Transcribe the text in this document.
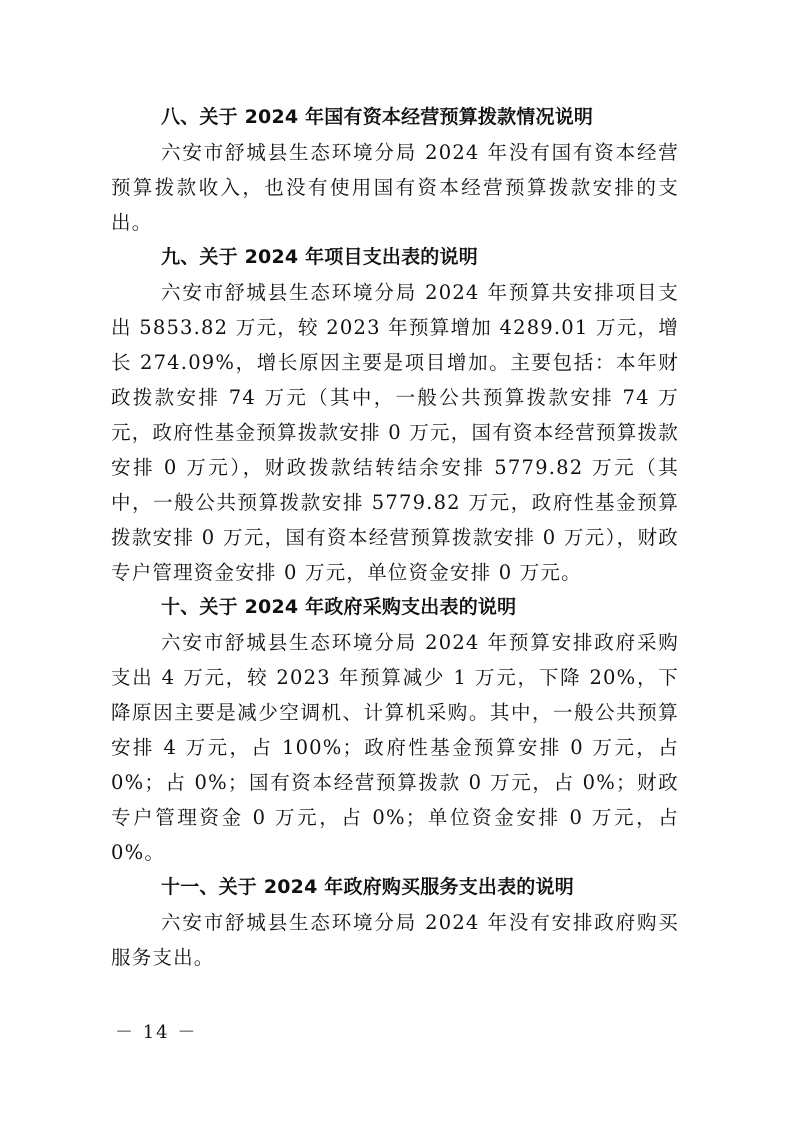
八、关于 2024 年国有资本经营预算拨款情况说明

六安市舒城县生态环境分局 2024 年没有国有资本经营预算拨款收入，也没有使用国有资本经营预算拨款安排的支出。

九、关于 2024 年项目支出表的说明

六安市舒城县生态环境分局 2024 年预算共安排项目支出 5853.82 万元，较 2023 年预算增加 4289.01 万元，增长 274.09%，增长原因主要是项目增加。主要包括：本年财政拨款安排 74 万元（其中，一般公共预算拨款安排 74 万元，政府性基金预算拨款安排 0 万元，国有资本经营预算拨款安排 0 万元），财政拨款结转结余安排 5779.82 万元（其中，一般公共预算拨款安排 5779.82 万元，政府性基金预算拨款安排 0 万元，国有资本经营预算拨款安排 0 万元），财政专户管理资金安排 0 万元，单位资金安排 0 万元。

十、关于 2024 年政府采购支出表的说明

六安市舒城县生态环境分局 2024 年预算安排政府采购支出 4 万元，较 2023 年预算减少 1 万元，下降 20%，下降原因主要是减少空调机、计算机采购。其中，一般公共预算安排 4 万元，占 100%；政府性基金预算安排 0 万元，占 0%；占 0%；国有资本经营预算拨款 0 万元，占 0%；财政专户管理资金 0 万元，占 0%；单位资金安排 0 万元，占 0%。

十一、关于 2024 年政府购买服务支出表的说明

六安市舒城县生态环境分局 2024 年没有安排政府购买服务支出。

－ 14 －
